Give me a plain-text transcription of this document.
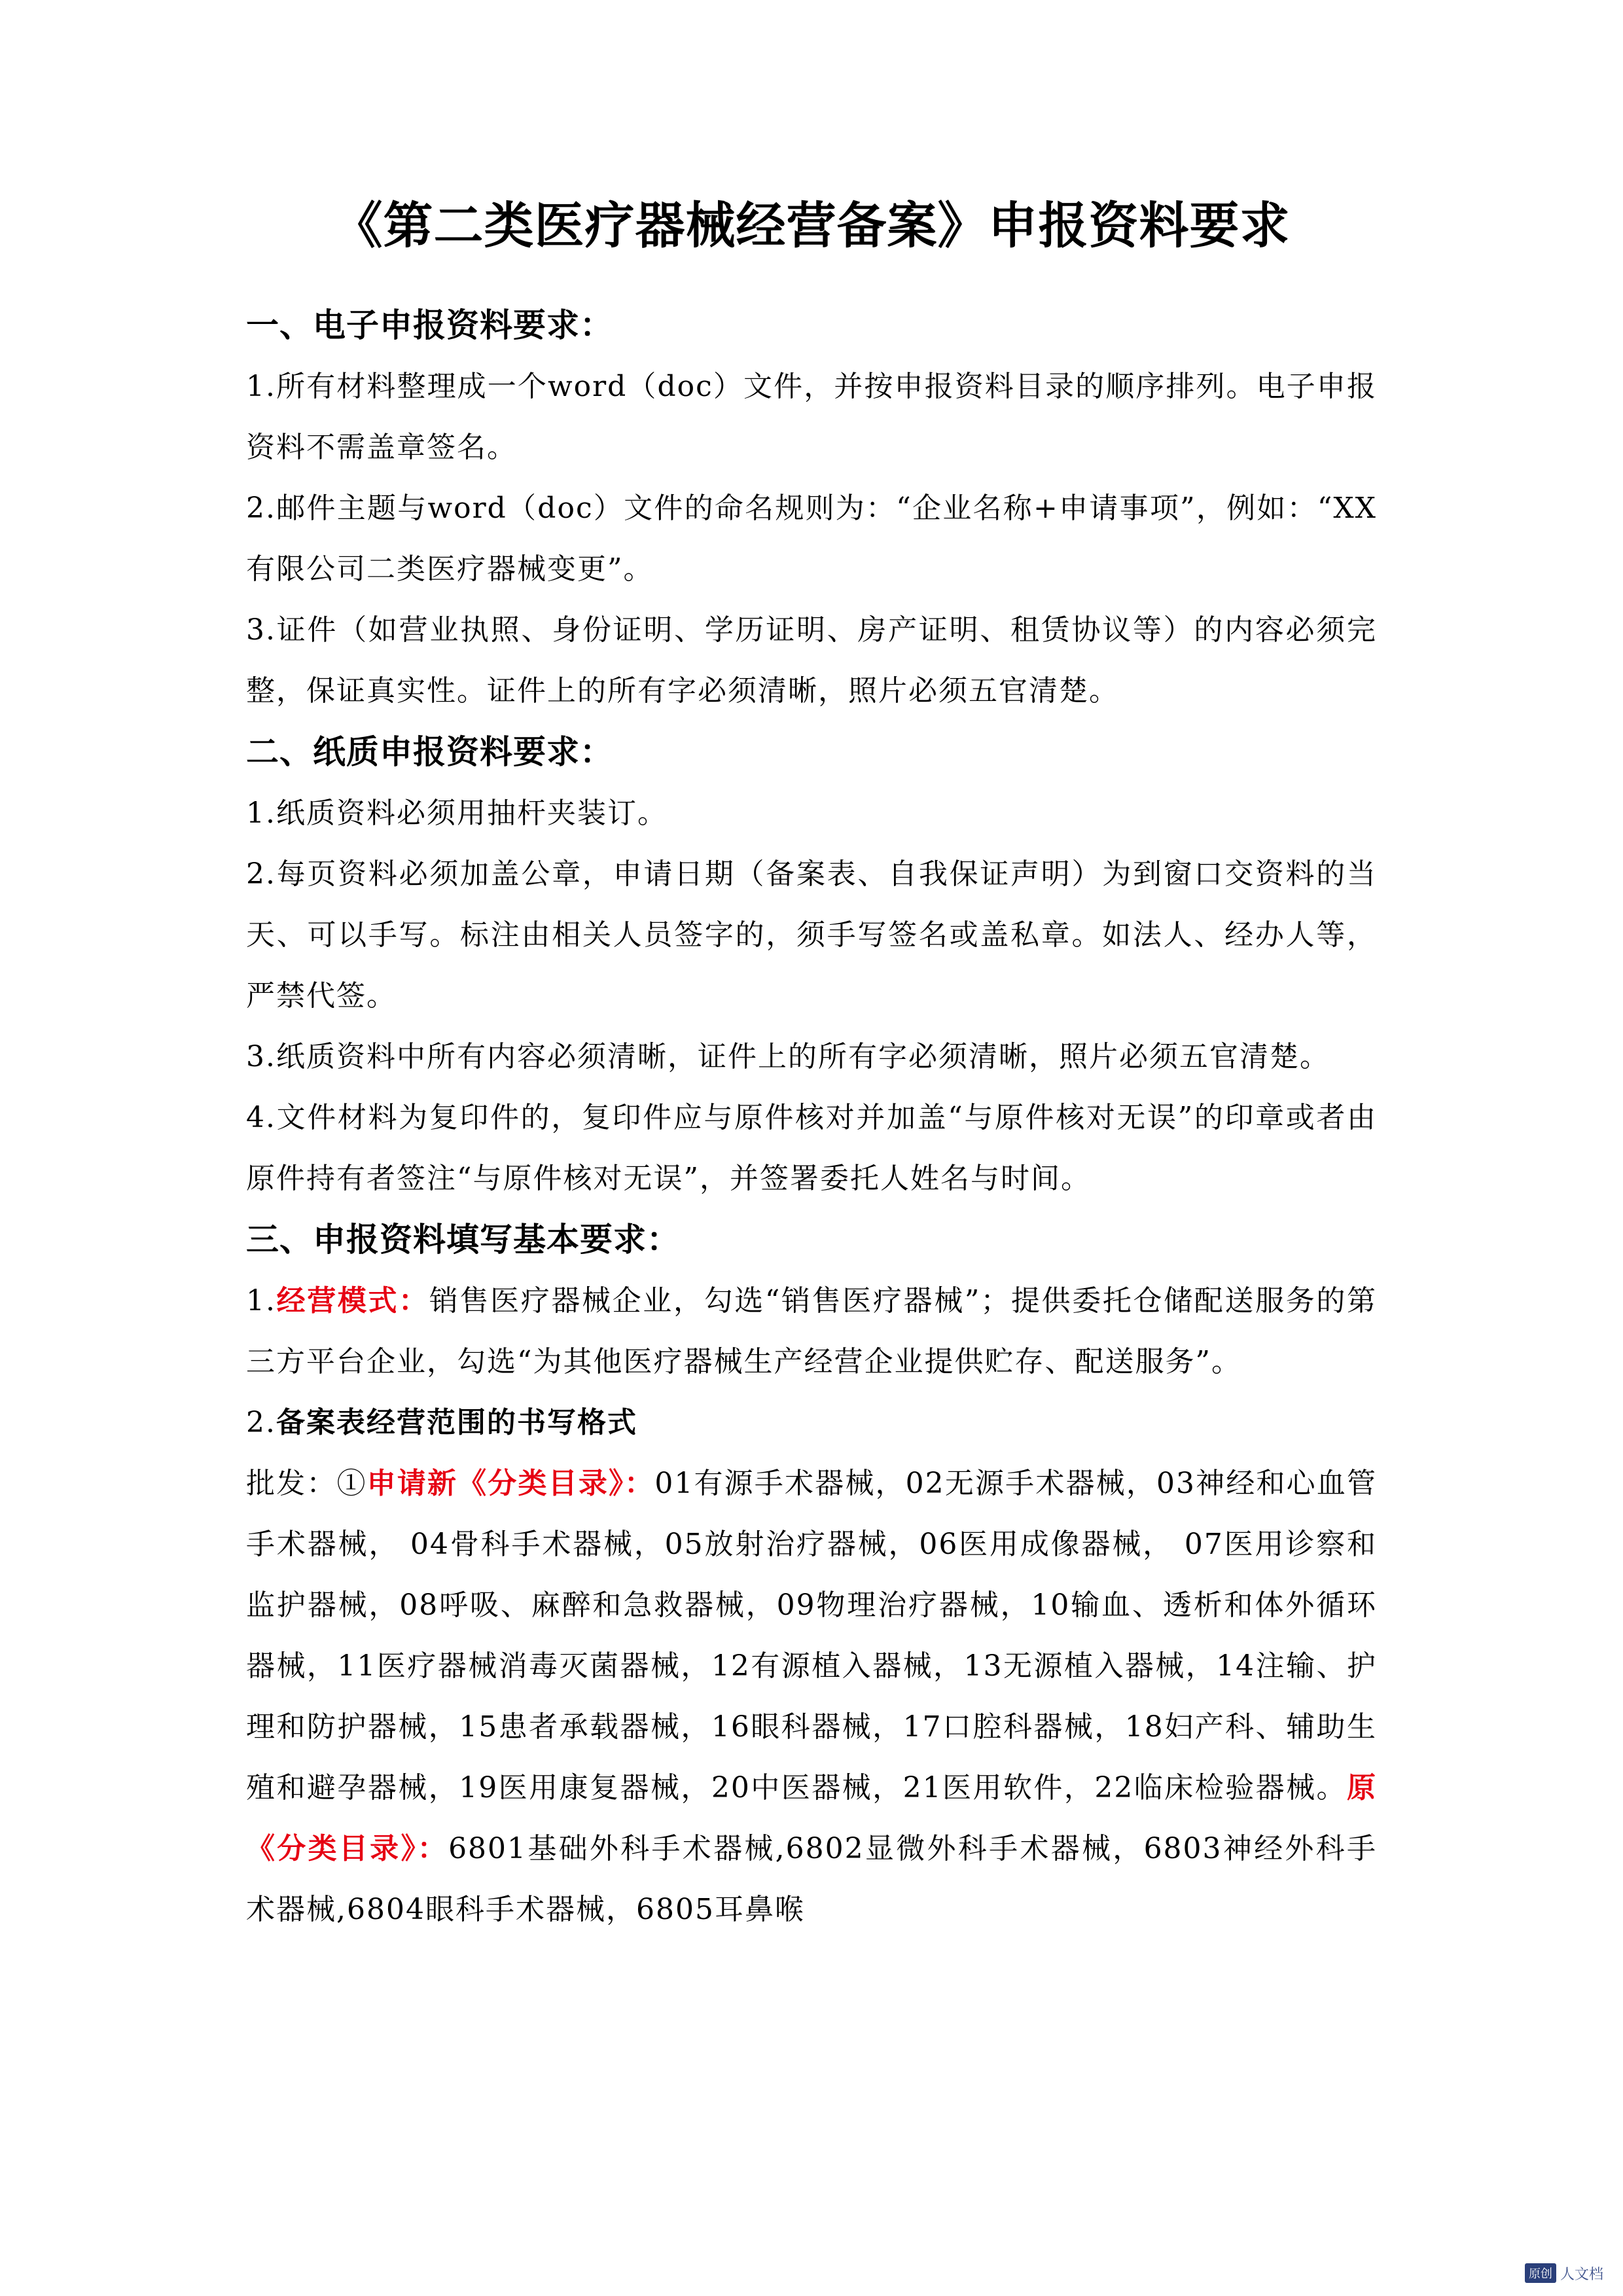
《第二类医疗器械经营备案》申报资料要求
一、电子申报资料要求：

1.所有材料整理成一个word（doc）文件，并按申报资料目录的顺序排列。电子申报资料不需盖章签名。

2.邮件主题与word（doc）文件的命名规则为：“企业名称+申请事项”，例如：“XX有限公司二类医疗器械变更”。

3.证件（如营业执照、身份证明、学历证明、房产证明、租赁协议等）的内容必须完整，保证真实性。证件上的所有字必须清晰，照片必须五官清楚。

二、纸质申报资料要求：

1.纸质资料必须用抽杆夹装订。

2.每页资料必须加盖公章，申请日期（备案表、自我保证声明）为到窗口交资料的当天、可以手写。标注由相关人员签字的，须手写签名或盖私章。如法人、经办人等，严禁代签。

3.纸质资料中所有内容必须清晰，证件上的所有字必须清晰，照片必须五官清楚。

4.文件材料为复印件的，复印件应与原件核对并加盖“与原件核对无误”的印章或者由原件持有者签注“与原件核对无误”，并签署委托人姓名与时间。

三、申报资料填写基本要求：

1.经营模式：销售医疗器械企业，勾选“销售医疗器械”；提供委托仓储配送服务的第三方平台企业，勾选“为其他医疗器械生产经营企业提供贮存、配送服务”。

2.备案表经营范围的书写格式

批发：①申请新《分类目录》：01有源手术器械，02无源手术器械，03神经和心血管手术器械， 04骨科手术器械，05放射治疗器械，06医用成像器械， 07医用诊察和监护器械，08呼吸、麻醉和急救器械，09物理治疗器械，10输血、透析和体外循环器械，11医疗器械消毒灭菌器械，12有源植入器械，13无源植入器械，14注输、护理和防护器械，15患者承载器械，16眼科器械，17口腔科器械，18妇产科、辅助生殖和避孕器械，19医用康复器械，20中医器械，21医用软件，22临床检验器械。原《分类目录》：6801基础外科手术器械,6802显微外科手术器械，6803神经外科手术器械,6804眼科手术器械，6805耳鼻喉

原创 人文档
